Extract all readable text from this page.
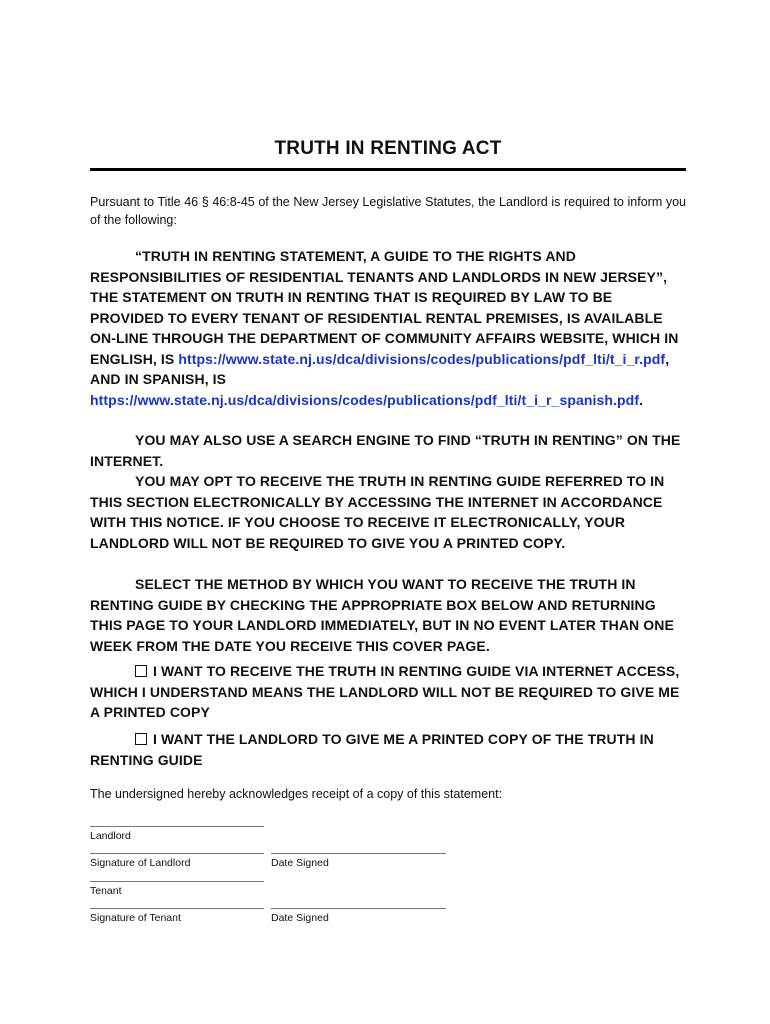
TRUTH IN RENTING ACT
Pursuant to Title 46 § 46:8-45 of the New Jersey Legislative Statutes, the Landlord is required to inform you of the following:
“TRUTH IN RENTING STATEMENT, A GUIDE TO THE RIGHTS AND RESPONSIBILITIES OF RESIDENTIAL TENANTS AND LANDLORDS IN NEW JERSEY”, THE STATEMENT ON TRUTH IN RENTING THAT IS REQUIRED BY LAW TO BE PROVIDED TO EVERY TENANT OF RESIDENTIAL RENTAL PREMISES, IS AVAILABLE ON-LINE THROUGH THE DEPARTMENT OF COMMUNITY AFFAIRS WEBSITE, WHICH IN ENGLISH, IS https://www.state.nj.us/dca/divisions/codes/publications/pdf_lti/t_i_r.pdf, AND IN SPANISH, IS https://www.state.nj.us/dca/divisions/codes/publications/pdf_lti/t_i_r_spanish.pdf.
YOU MAY ALSO USE A SEARCH ENGINE TO FIND “TRUTH IN RENTING” ON THE INTERNET.
YOU MAY OPT TO RECEIVE THE TRUTH IN RENTING GUIDE REFERRED TO IN THIS SECTION ELECTRONICALLY BY ACCESSING THE INTERNET IN ACCORDANCE WITH THIS NOTICE. IF YOU CHOOSE TO RECEIVE IT ELECTRONICALLY, YOUR LANDLORD WILL NOT BE REQUIRED TO GIVE YOU A PRINTED COPY.
SELECT THE METHOD BY WHICH YOU WANT TO RECEIVE THE TRUTH IN RENTING GUIDE BY CHECKING THE APPROPRIATE BOX BELOW AND RETURNING THIS PAGE TO YOUR LANDLORD IMMEDIATELY, BUT IN NO EVENT LATER THAN ONE WEEK FROM THE DATE YOU RECEIVE THIS COVER PAGE.
I WANT TO RECEIVE THE TRUTH IN RENTING GUIDE VIA INTERNET ACCESS, WHICH I UNDERSTAND MEANS THE LANDLORD WILL NOT BE REQUIRED TO GIVE ME A PRINTED COPY
I WANT THE LANDLORD TO GIVE ME A PRINTED COPY OF THE TRUTH IN RENTING GUIDE
The undersigned hereby acknowledges receipt of a copy of this statement:
Landlord
Signature of Landlord	Date Signed
Tenant
Signature of Tenant	Date Signed
